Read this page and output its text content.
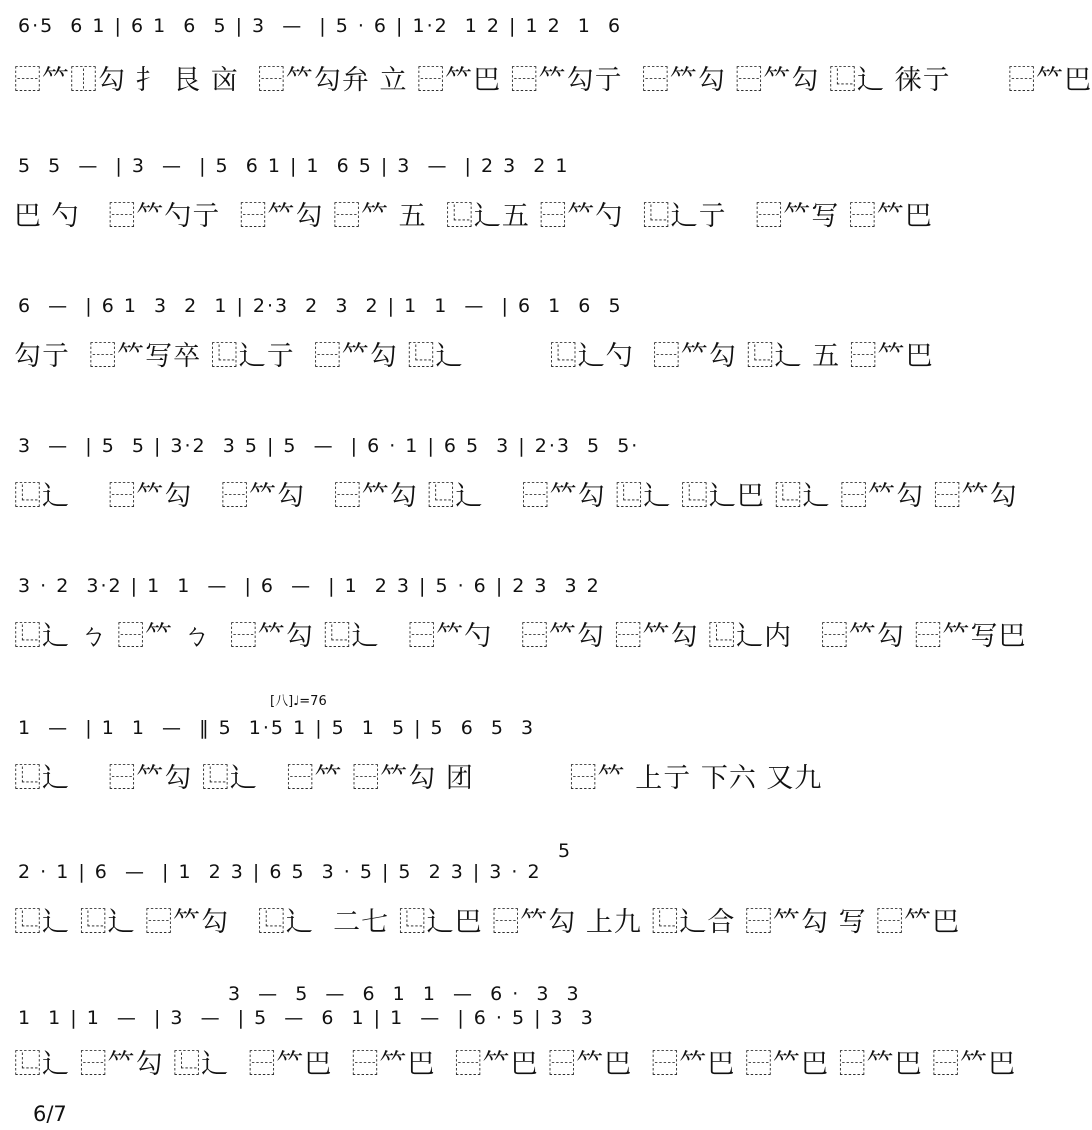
6·5  6 1 | 6 1  6  5 | 3  —  | 5 · 6 | 1·2  1 2 | 1 2  1  6
⿱𥫗⿰勾 扌 艮 㐫  ⿱𥫗勾弁 立 ⿱𥫗巴 ⿱𥫗勾亍  ⿱𥫗勾 ⿱𥫗勾 ⿺辶 徕亍      ⿱𥫗巴
5  5  —  | 3  —  | 5  6 1 | 1  6 5 | 3  —  | 2 3  2 1
巴 勺   ⿱𥫗勺亍  ⿱𥫗勾 ⿱𥫗 五  ⿺辶五 ⿱𥫗勺  ⿺辶亍   ⿱𥫗写 ⿱𥫗巴
6  —  | 6 1  3  2  1 | 2·3  2  3  2 | 1  1  —  | 6  1  6  5
勾亍  ⿱𥫗写卒 ⿺辶亍  ⿱𥫗勾 ⿺辶         ⿺辶勺  ⿱𥫗勾 ⿺辶 五 ⿱𥫗巴
3  —  | 5  5 | 3·2  3 5 | 5  —  | 6 · 1 | 6 5  3 | 2·3  5  5·
⿺辶    ⿱𥫗勾   ⿱𥫗勾   ⿱𥫗勾 ⿺辶    ⿱𥫗勾 ⿺辶 ⿺辶巴 ⿺辶 ⿱𥫗勾 ⿱𥫗勾
3 · 2  3·2 | 1  1  —  | 6  —  | 1  2 3 | 5 · 6 | 2 3  3 2
⿺辶 ㄅ ⿱𥫗 ㄅ  ⿱𥫗勾 ⿺辶   ⿱𥫗勺   ⿱𥫗勾 ⿱𥫗勾 ⿺辶内   ⿱𥫗勾 ⿱𥫗写巴
[八]♩=76
1  —  | 1  1  —  ‖ 5  1·5 1 | 5  1  5 | 5  6  5  3
⿺辶    ⿱𥫗勾 ⿺辶   ⿱𥫗 ⿱𥫗勾 团          ⿱𥫗 上亍 下六 又九
5
2 · 1 | 6  —  | 1  2 3 | 6 5  3 · 5 | 5  2 3 | 3 · 2
⿺辶 ⿺辶 ⿱𥫗勾   ⿺辶  二七 ⿺辶巴 ⿱𥫗勾 上九 ⿺辶合 ⿱𥫗勾 写 ⿱𥫗巴
3  —  5  —  6  1  1  —  6 ·  3  3
1  1 | 1  —  | 3  —  | 5  —  6  1 | 1  —  | 6 · 5 | 3  3
⿺辶 ⿱𥫗勾 ⿺辶  ⿱𥫗巴  ⿱𥫗巴  ⿱𥫗巴 ⿱𥫗巴  ⿱𥫗巴 ⿱𥫗巴 ⿱𥫗巴 ⿱𥫗巴
6/7
